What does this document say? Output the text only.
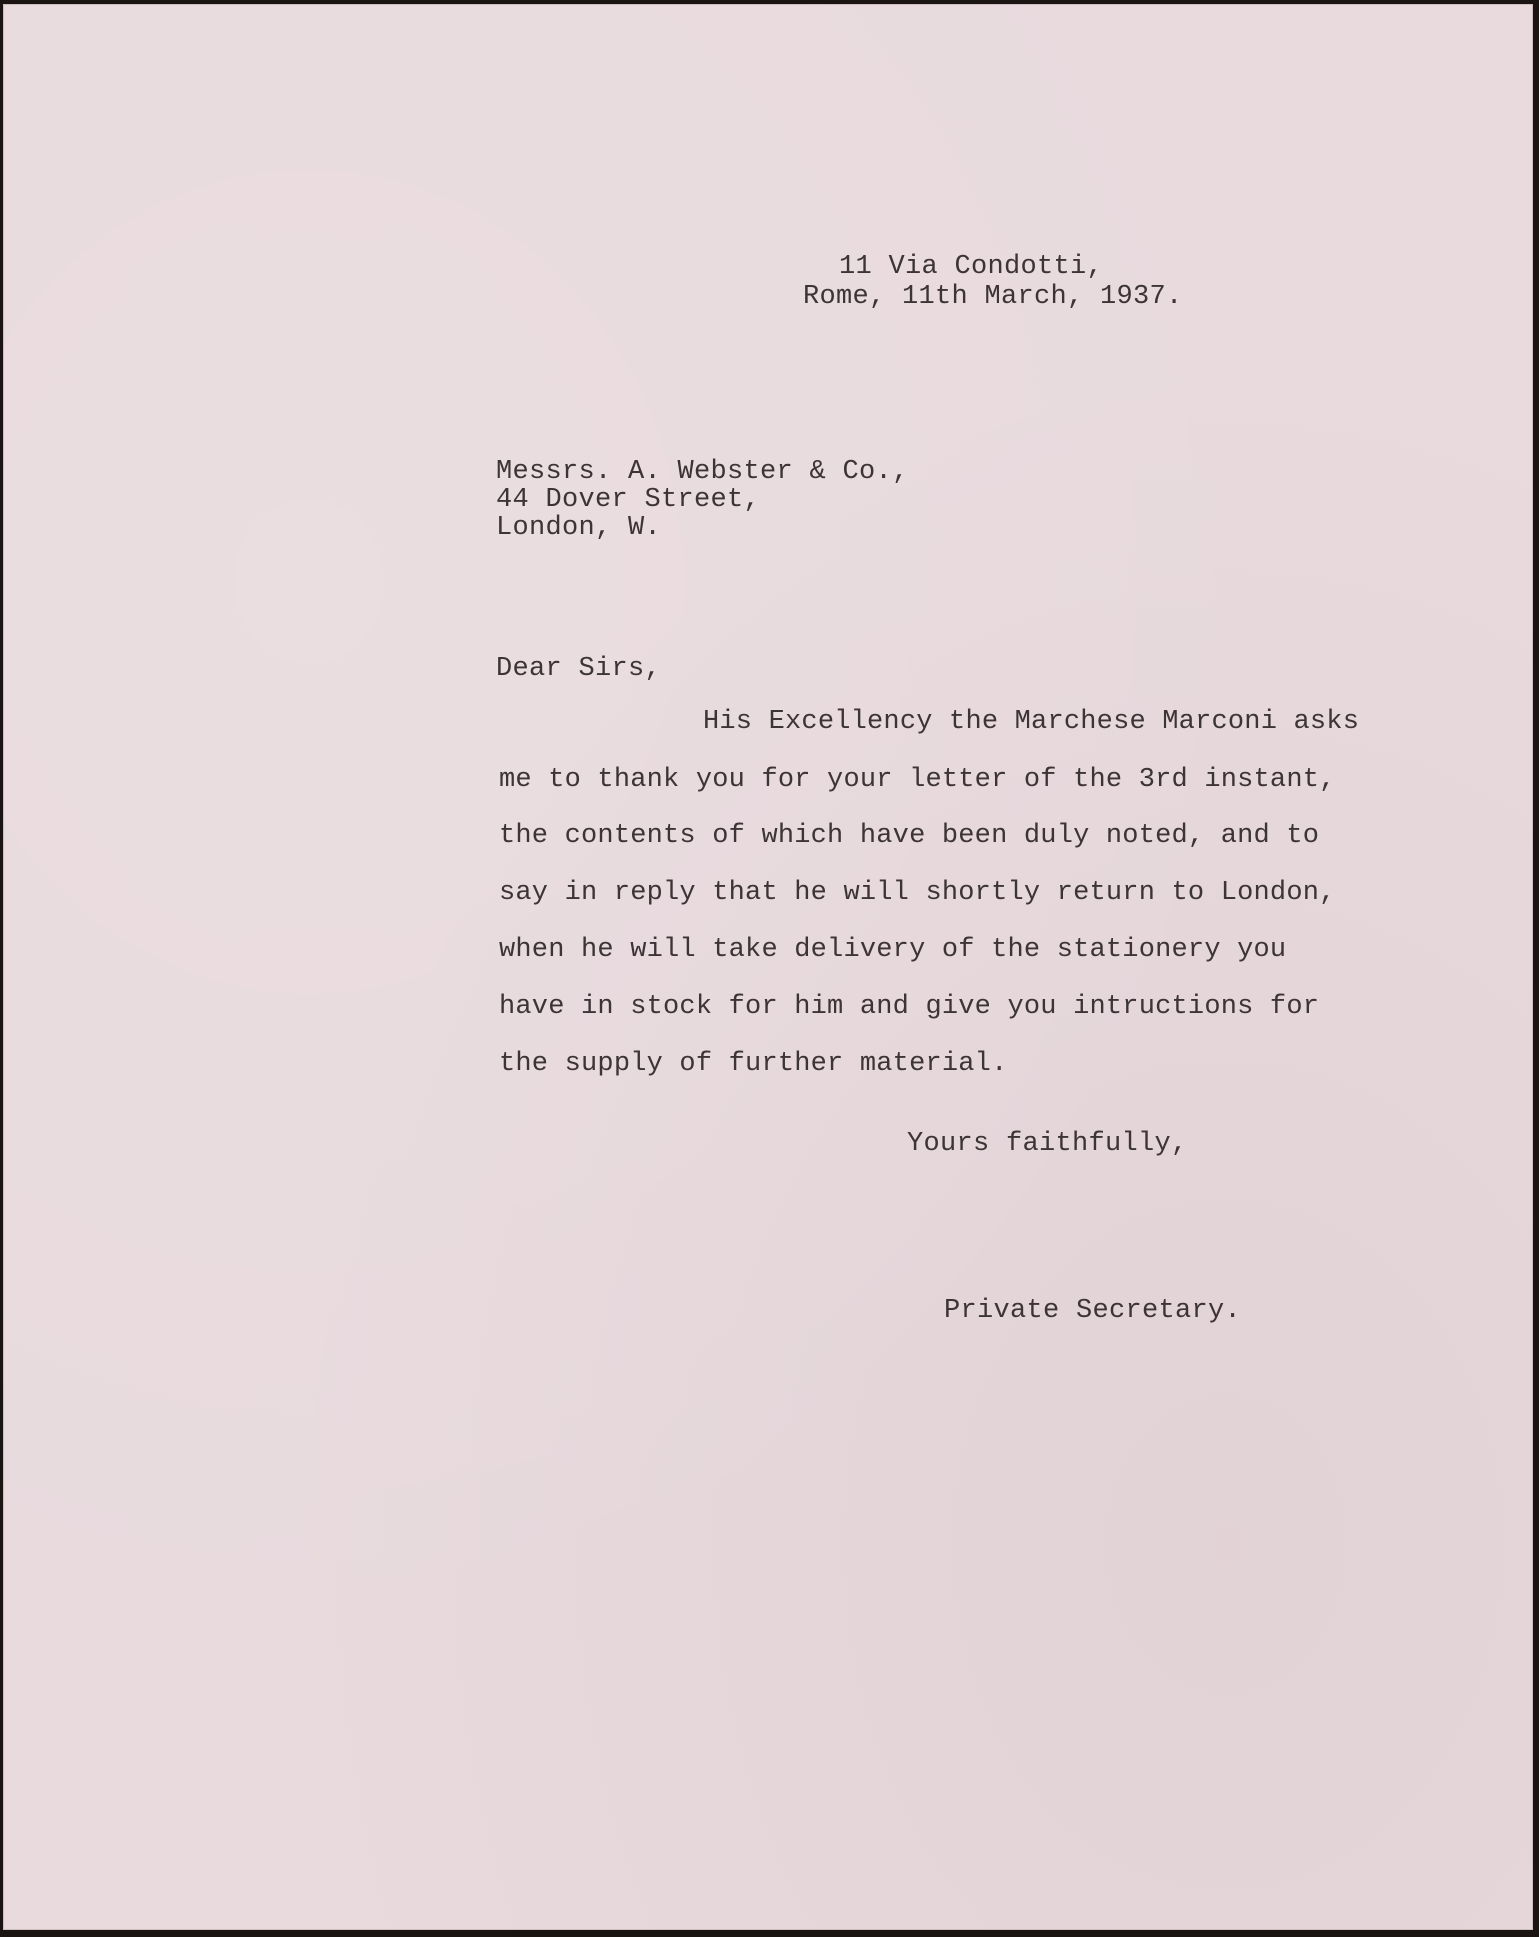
11 Via Condotti,
Rome, 11th March, 1937.
Messrs. A. Webster & Co.,
44 Dover Street,
London, W.
Dear Sirs,
His Excellency the Marchese Marconi asks
me to thank you for your letter of the 3rd instant,
the contents of which have been duly noted, and to
say in reply that he will shortly return to London,
when he will take delivery of the stationery you
have in stock for him and give you intructions for
the supply of further material.
Yours faithfully,
Private Secretary.
